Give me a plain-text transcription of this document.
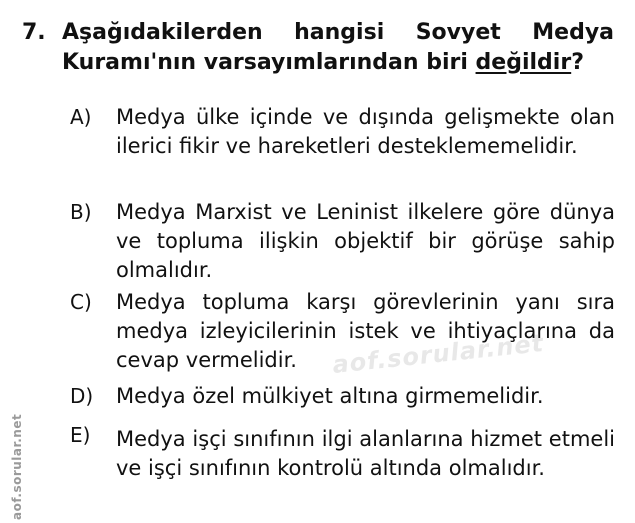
7. Aşağıdakilerden hangisi Sovyet Medya Kuramı'nın varsayımlarından biri değildir?
A)	Medya ülke içinde ve dışında gelişmekte olan ilerici fikir ve hareketleri desteklememelidir.
B)	Medya Marxist ve Leninist ilkelere göre dünya ve topluma ilişkin objektif bir görüşe sahip olmalıdır.
C)	Medya topluma karşı görevlerinin yanı sıra medya izleyicilerinin istek ve ihtiyaçlarına da cevap vermelidir.
D)	Medya özel mülkiyet altına girmemelidir.
E)	Medya işçi sınıfının ilgi alanlarına hizmet etmeli ve işçi sınıfının kontrolü altında olmalıdır.
aof.sorular.net
aof.sorular.net
